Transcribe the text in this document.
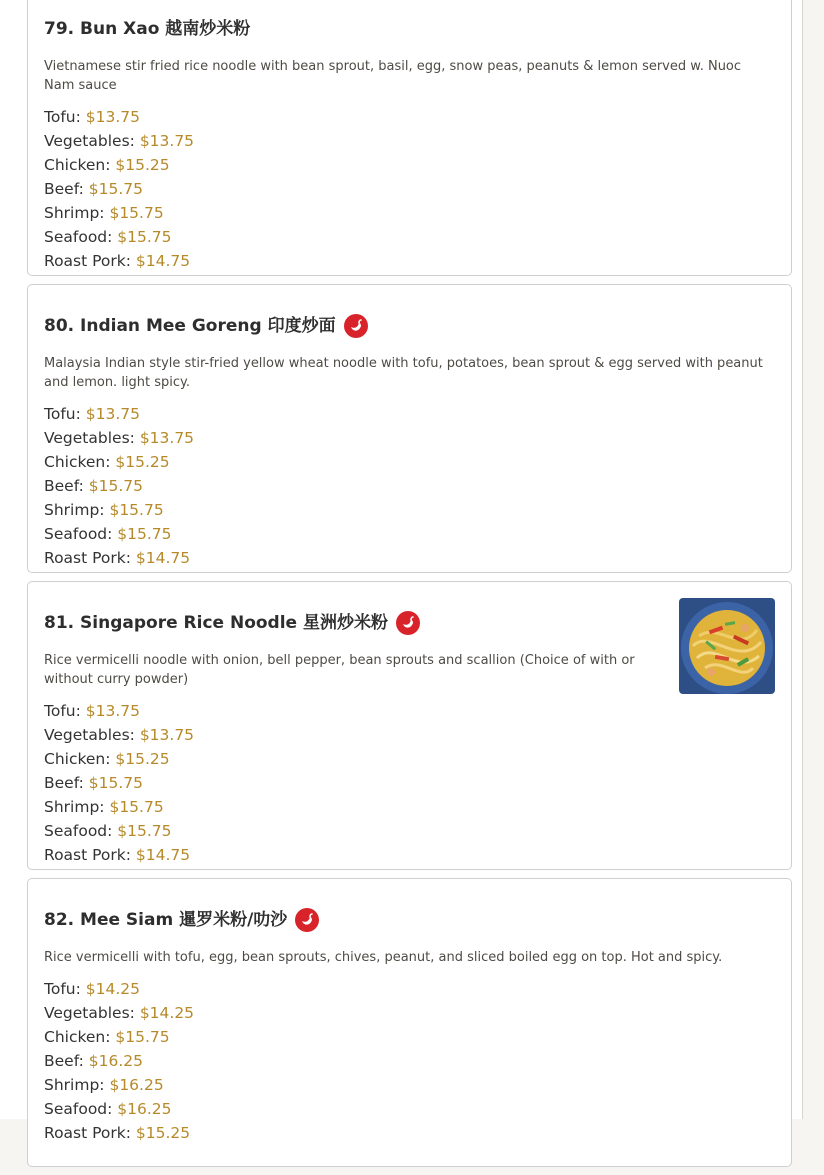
79. Bun Xao 越南炒米粉

Vietnamese stir fried rice noodle with bean sprout, basil, egg, snow peas, peanuts & lemon served w. Nuoc Nam sauce

Tofu: $13.75
Vegetables: $13.75
Chicken: $15.25
Beef: $15.75
Shrimp: $15.75
Seafood: $15.75
Roast Pork: $14.75
80. Indian Mee Goreng 印度炒面

Malaysia Indian style stir-fried yellow wheat noodle with tofu, potatoes, bean sprout & egg served with peanut and lemon. light spicy.

Tofu: $13.75
Vegetables: $13.75
Chicken: $15.25
Beef: $15.75
Shrimp: $15.75
Seafood: $15.75
Roast Pork: $14.75
81. Singapore Rice Noodle 星洲炒米粉

Rice vermicelli noodle with onion, bell pepper, bean sprouts and scallion (Choice of with or without curry powder)

Tofu: $13.75
Vegetables: $13.75
Chicken: $15.25
Beef: $15.75
Shrimp: $15.75
Seafood: $15.75
Roast Pork: $14.75
82. Mee Siam 暹罗米粉/叻沙

Rice vermicelli with tofu, egg, bean sprouts, chives, peanut, and sliced boiled egg on top. Hot and spicy.

Tofu: $14.25
Vegetables: $14.25
Chicken: $15.75
Beef: $16.25
Shrimp: $16.25
Seafood: $16.25
Roast Pork: $15.25
